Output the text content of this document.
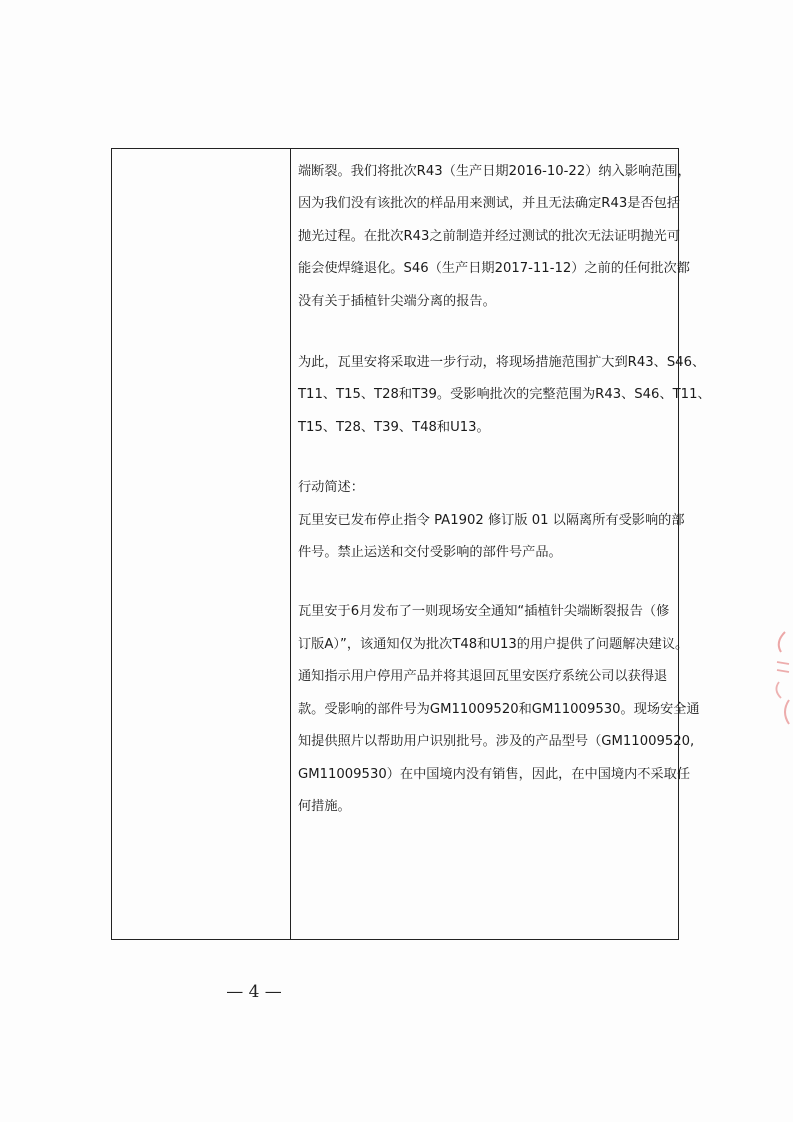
端断裂。我们将批次R43（生产日期2016-10-22）纳入影响范围，
因为我们没有该批次的样品用来测试，并且无法确定R43是否包括
抛光过程。在批次R43之前制造并经过测试的批次无法证明抛光可
能会使焊缝退化。S46（生产日期2017-11-12）之前的任何批次都
没有关于插植针尖端分离的报告。
为此，瓦里安将采取进一步行动，将现场措施范围扩大到R43、S46、
T11、T15、T28和T39。受影响批次的完整范围为R43、S46、T11、
T15、T28、T39、T48和U13。
行动简述：
瓦里安已发布停止指令 PA1902 修订版 01 以隔离所有受影响的部
件号。禁止运送和交付受影响的部件号产品。
瓦里安于6月发布了一则现场安全通知“插植针尖端断裂报告（修
订版A）”，该通知仅为批次T48和U13的用户提供了问题解决建议。
通知指示用户停用产品并将其退回瓦里安医疗系统公司以获得退
款。受影响的部件号为GM11009520和GM11009530。现场安全通
知提供照片以帮助用户识别批号。涉及的产品型号（GM11009520,
GM11009530）在中国境内没有销售，因此，在中国境内不采取任
何措施。
— 4 —
